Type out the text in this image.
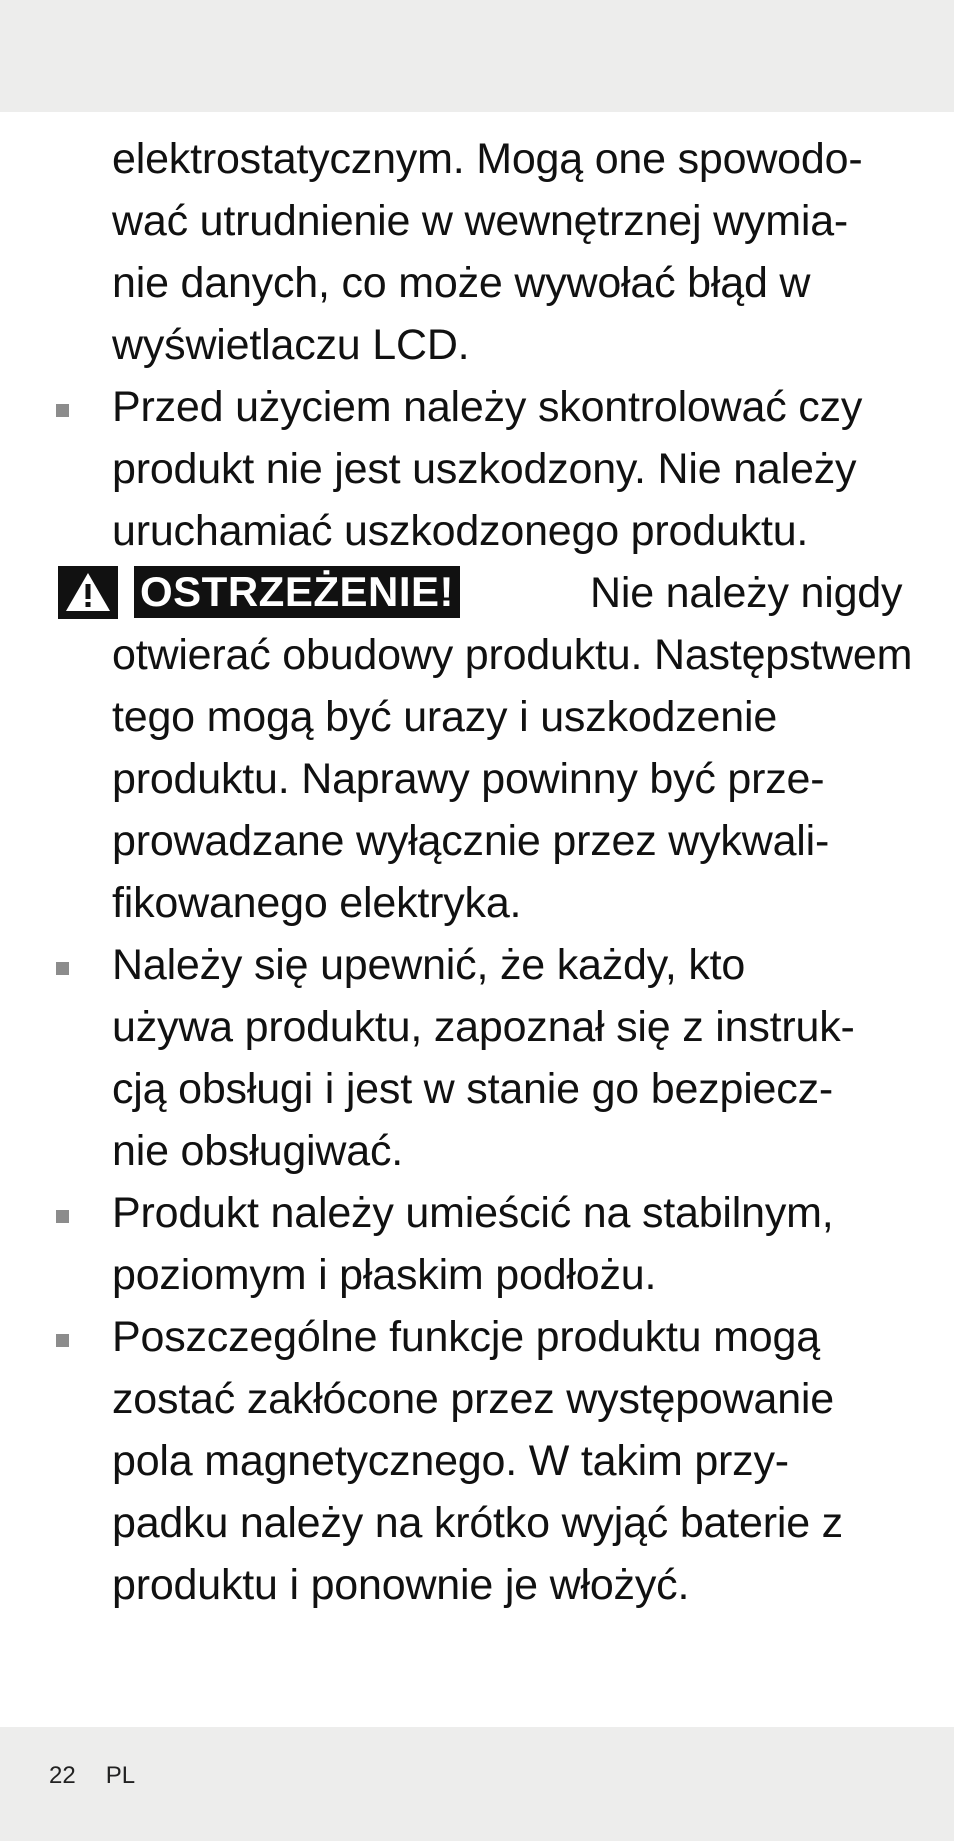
elektrostatycznym. Mogą one spowodo-
wać utrudnienie w wewnętrznej wymia-
nie danych, co może wywołać błąd w
wyświetlaczu LCD.
Przed użyciem należy skontrolować czy
produkt nie jest uszkodzony. Nie należy
uruchamiać uszkodzonego produktu.
OSTRZEŻENIE!	Nie należy nigdy
otwierać obudowy produktu. Następstwem
tego mogą być urazy i uszkodzenie
produktu. Naprawy powinny być prze-
prowadzane wyłącznie przez wykwali-
fikowanego elektryka.
Należy się upewnić, że każdy, kto
używa produktu, zapoznał się z instruk-
cją obsługi i jest w stanie go bezpiecz-
nie obsługiwać.
Produkt należy umieścić na stabilnym,
poziomym i płaskim podłożu.
Poszczególne funkcje produktu mogą
zostać zakłócone przez występowanie
pola magnetycznego. W takim przy-
padku należy na krótko wyjąć baterie z
produktu i ponownie je włożyć.
22 PL
